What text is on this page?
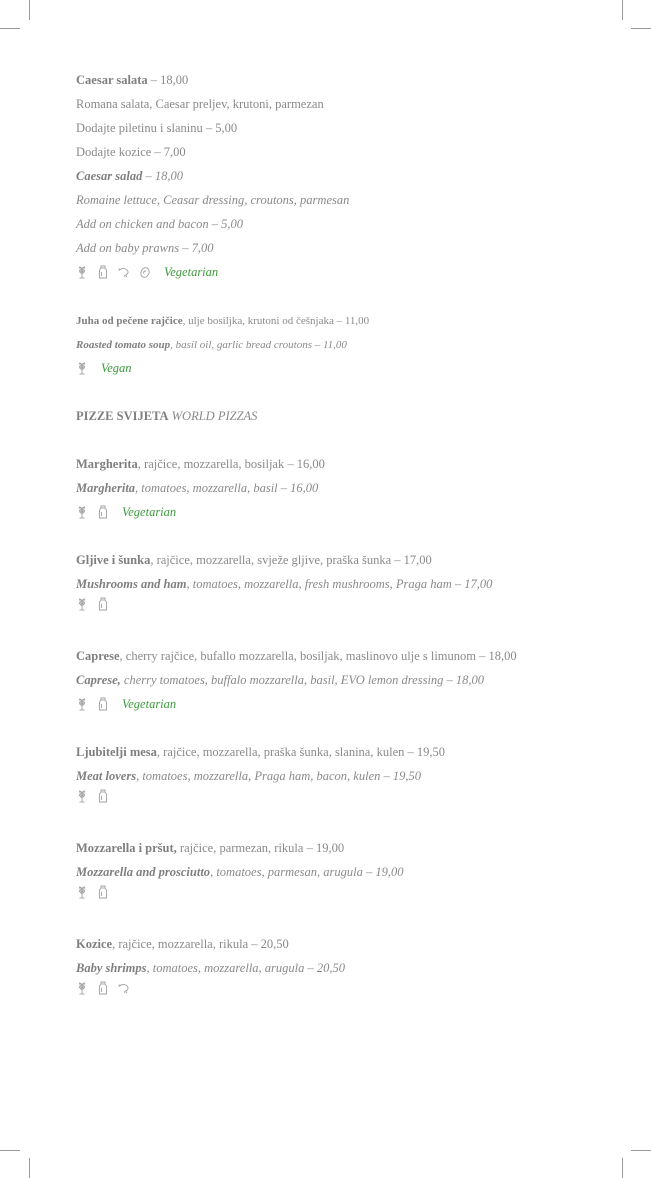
Caesar salata – 18,00
Romana salata, Caesar preljev, krutoni, parmezan
Dodajte piletinu i slaninu – 5,00
Dodajte kozice – 7,00
Caesar salad – 18,00
Romaine lettuce, Ceasar dressing, croutons, parmesan
Add on chicken and bacon – 5,00
Add on baby prawns – 7,00
Vegetarian
Juha od pečene rajčice, ulje bosiljka, krutoni od češnjaka – 11,00
Roasted tomato soup, basil oil, garlic bread croutons – 11,00
Vegan
PIZZE SVIJETA WORLD PIZZAS
Margherita, rajčice, mozzarella, bosiljak – 16,00
Margherita, tomatoes, mozzarella, basil – 16,00
Vegetarian
Gljive i šunka, rajčice, mozzarella, svježe gljive, praška šunka – 17,00
Mushrooms and ham, tomatoes, mozzarella, fresh mushrooms, Praga ham – 17,00
Caprese, cherry rajčice, bufallo mozzarella, bosiljak, maslinovo ulje s limunom – 18,00
Caprese, cherry tomatoes, buffalo mozzarella, basil, EVO lemon dressing – 18,00
Vegetarian
Ljubitelji mesa, rajčice, mozzarella, praška šunka, slanina, kulen – 19,50
Meat lovers, tomatoes, mozzarella, Praga ham, bacon, kulen – 19,50
Mozzarella i pršut, rajčice, parmezan, rikula – 19,00
Mozzarella and prosciutto, tomatoes, parmesan, arugula – 19,00
Kozice, rajčice, mozzarella, rikula – 20,50
Baby shrimps, tomatoes, mozzarella, arugula – 20,50
